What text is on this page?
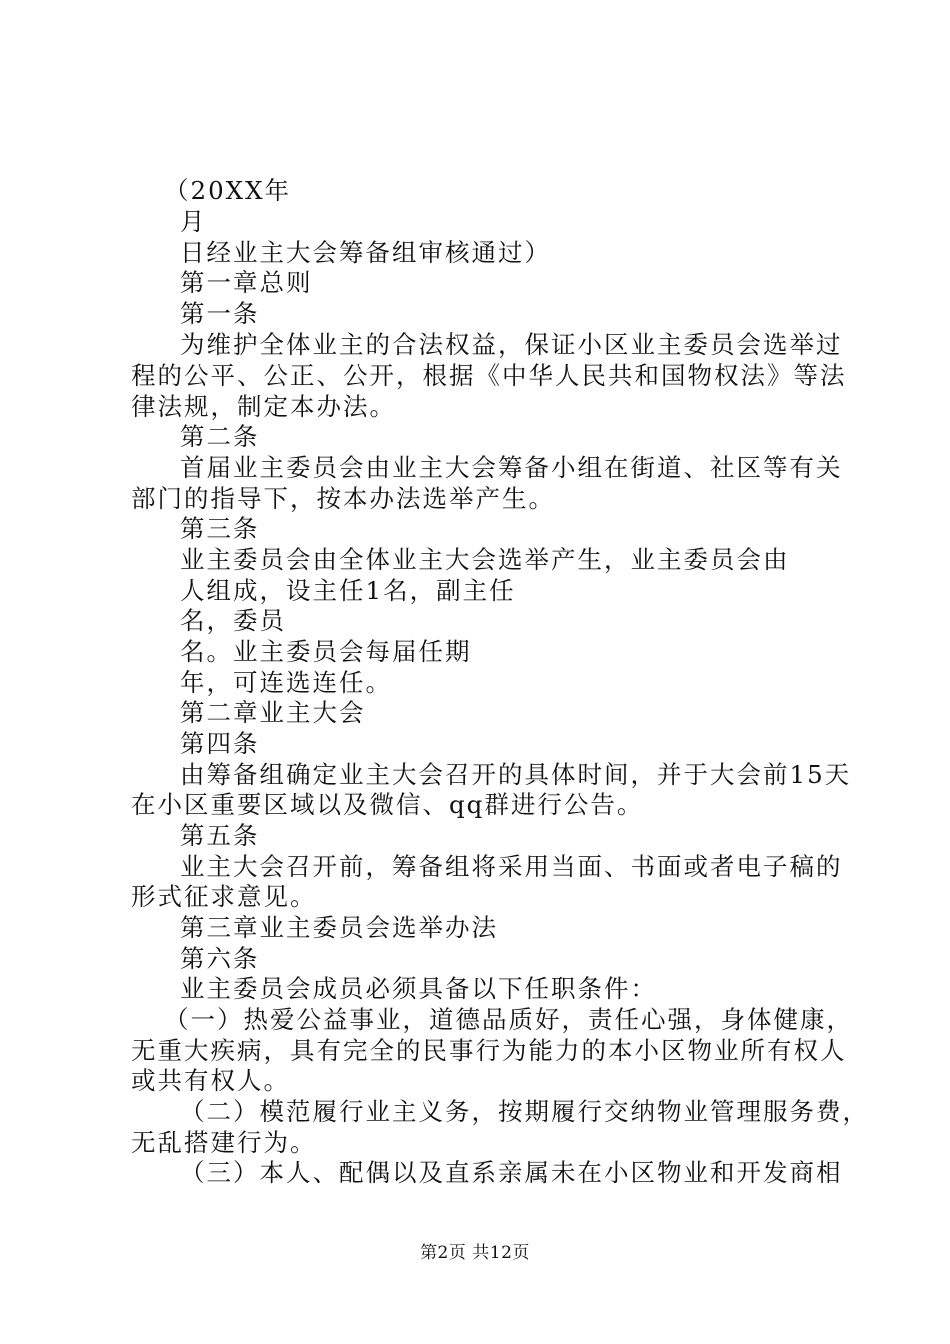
（20XX年
月
日经业主大会筹备组审核通过）
第一章总则
第一条
为维护全体业主的合法权益，保证小区业主委员会选举过
程的公平、公正、公开，根据《中华人民共和国物权法》等法
律法规，制定本办法。
第二条
首届业主委员会由业主大会筹备小组在街道、社区等有关
部门的指导下，按本办法选举产生。
第三条
业主委员会由全体业主大会选举产生，业主委员会由
人组成，设主任1名，副主任
名，委员
名。业主委员会每届任期
年，可连选连任。
第二章业主大会
第四条
由筹备组确定业主大会召开的具体时间，并于大会前15天
在小区重要区域以及微信、qq群进行公告。
第五条
业主大会召开前，筹备组将采用当面、书面或者电子稿的
形式征求意见。
第三章业主委员会选举办法
第六条
业主委员会成员必须具备以下任职条件：
（一）热爱公益事业，道德品质好，责任心强，身体健康，
无重大疾病，具有完全的民事行为能力的本小区物业所有权人
或共有权人。
（二）模范履行业主义务，按期履行交纳物业管理服务费，
无乱搭建行为。
（三）本人、配偶以及直系亲属未在小区物业和开发商相
第2页 共12页
